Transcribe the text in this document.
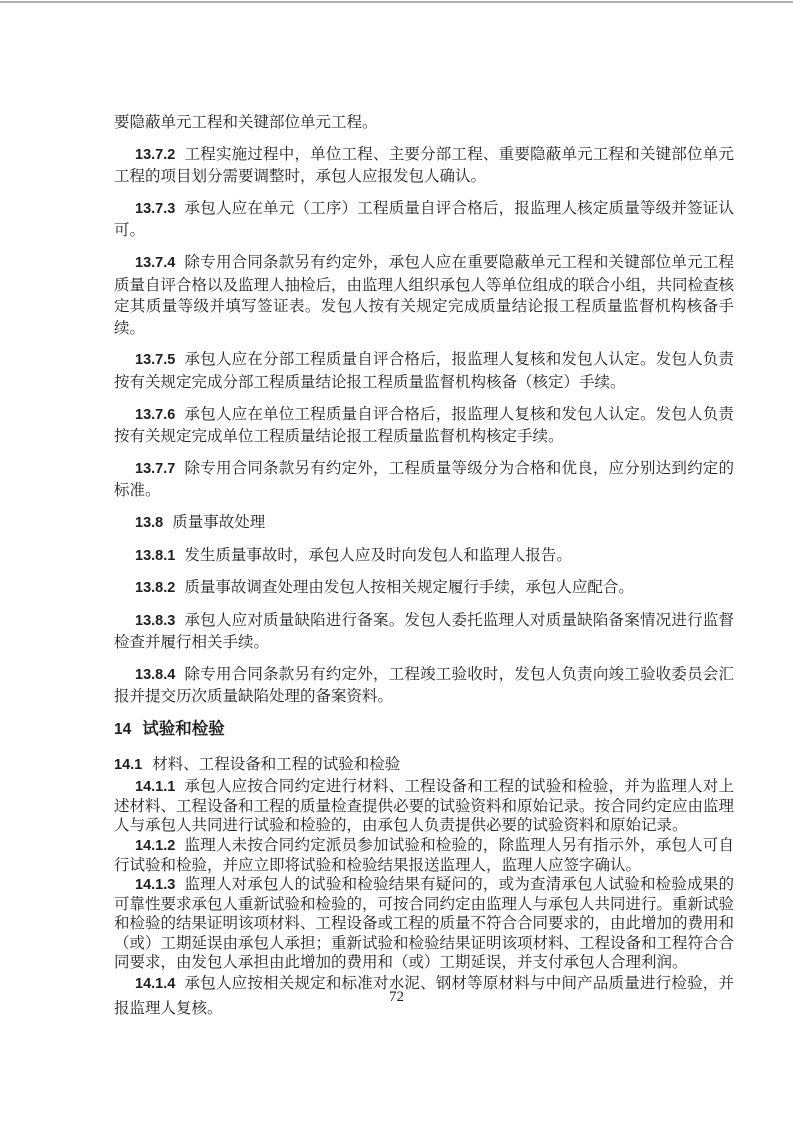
要隐蔽单元工程和关键部位单元工程。

13.7.2 工程实施过程中，单位工程、主要分部工程、重要隐蔽单元工程和关键部位单元工程的项目划分需要调整时，承包人应报发包人确认。

13.7.3 承包人应在单元（工序）工程质量自评合格后，报监理人核定质量等级并签证认可。

13.7.4 除专用合同条款另有约定外，承包人应在重要隐蔽单元工程和关键部位单元工程质量自评合格以及监理人抽检后，由监理人组织承包人等单位组成的联合小组，共同检查核定其质量等级并填写签证表。发包人按有关规定完成质量结论报工程质量监督机构核备手续。

13.7.5 承包人应在分部工程质量自评合格后，报监理人复核和发包人认定。发包人负责按有关规定完成分部工程质量结论报工程质量监督机构核备（核定）手续。

13.7.6 承包人应在单位工程质量自评合格后，报监理人复核和发包人认定。发包人负责按有关规定完成单位工程质量结论报工程质量监督机构核定手续。

13.7.7 除专用合同条款另有约定外，工程质量等级分为合格和优良，应分别达到约定的标准。

13.8 质量事故处理

13.8.1 发生质量事故时，承包人应及时向发包人和监理人报告。

13.8.2 质量事故调查处理由发包人按相关规定履行手续，承包人应配合。

13.8.3 承包人应对质量缺陷进行备案。发包人委托监理人对质量缺陷备案情况进行监督检查并履行相关手续。

13.8.4 除专用合同条款另有约定外，工程竣工验收时，发包人负责向竣工验收委员会汇报并提交历次质量缺陷处理的备案资料。

14 试验和检验
14.1 材料、工程设备和工程的试验和检验

14.1.1 承包人应按合同约定进行材料、工程设备和工程的试验和检验，并为监理人对上述材料、工程设备和工程的质量检查提供必要的试验资料和原始记录。按合同约定应由监理人与承包人共同进行试验和检验的，由承包人负责提供必要的试验资料和原始记录。

14.1.2 监理人未按合同约定派员参加试验和检验的，除监理人另有指示外，承包人可自行试验和检验，并应立即将试验和检验结果报送监理人，监理人应签字确认。

14.1.3 监理人对承包人的试验和检验结果有疑问的，或为查清承包人试验和检验成果的可靠性要求承包人重新试验和检验的，可按合同约定由监理人与承包人共同进行。重新试验和检验的结果证明该项材料、工程设备或工程的质量不符合合同要求的，由此增加的费用和（或）工期延误由承包人承担；重新试验和检验结果证明该项材料、工程设备和工程符合合同要求，由发包人承担由此增加的费用和（或）工期延误，并支付承包人合理利润。

14.1.4 承包人应按相关规定和标准对水泥、钢材等原材料与中间产品质量进行检验，并报监理人复核。

72
